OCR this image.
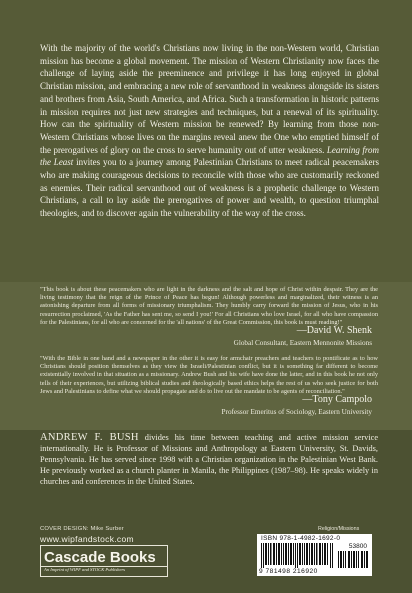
With the majority of the world's Christians now living in the non-Western world, Christian mission has become a global movement. The mission of Western Christianity now faces the challenge of laying aside the preeminence and privilege it has long enjoyed in global Christian mission, and embracing a new role of servanthood in weakness alongside its sisters and brothers from Asia, South America, and Africa. Such a transformation in historic patterns in mission requires not just new strategies and techniques, but a renewal of its spirituality. How can the spirituality of Western mission be renewed? By learning from those non-Western Christians whose lives on the margins reveal anew the One who emptied himself of the prerogatives of glory on the cross to serve humanity out of utter weakness. Learning from the Least invites you to a journey among Palestinian Christians to meet radical peacemakers who are making courageous decisions to reconcile with those who are customarily reckoned as enemies. Their radical servanthood out of weakness is a prophetic challenge to Western Christians, a call to lay aside the prerogatives of power and wealth, to question triumphal theologies, and to discover again the vulnerability of the way of the cross.

"This book is about these peacemakers who are light in the darkness and the salt and hope of Christ within despair. They are the living testimony that the reign of the Prince of Peace has begun! Although powerless and marginalized, their witness is an astonishing departure from all forms of missionary triumphalism. They humbly carry forward the mission of Jesus, who in his resurrection proclaimed, 'As the Father has sent me, so send I you!' For all Christians who love Israel, for all who have compassion for the Palestinians, for all who are concerned for the 'all nations' of the Great Commission, this book is must reading!"

—David W. Shenk
Global Consultant, Eastern Mennonite Missions

"With the Bible in one hand and a newspaper in the other it is easy for armchair preachers and teachers to pontificate as to how Christians should position themselves as they view the Israeli/Palestinian conflict, but it is something far different to become existentially involved in that situation as a missionary. Andrew Bush and his wife have done the latter, and in this book he not only tells of their experiences, but utilizing biblical studies and theologically based ethics helps the rest of us who seek justice for both Jews and Palestinians to define what we should propagate and do to live out the mandate to be agents of reconciliation."

—Tony Campolo
Professor Emeritus of Sociology, Eastern University

ANDREW F. BUSH divides his time between teaching and active mission service internationally. He is Professor of Missions and Anthropology at Eastern University, St. Davids, Pennsylvania. He has served since 1998 with a Christian organization in the Palestinian West Bank. He previously worked as a church planter in Manila, the Philippines (1987–98). He speaks widely in churches and conferences in the United States.

COVER DESIGN: Mike Surber
www.wipfandstock.com
Cascade Books
An Imprint of WIPF and STOCK Publishers
Religion/Missions
ISBN 978-1-4982-1692-0
53800
9 781498 216920
